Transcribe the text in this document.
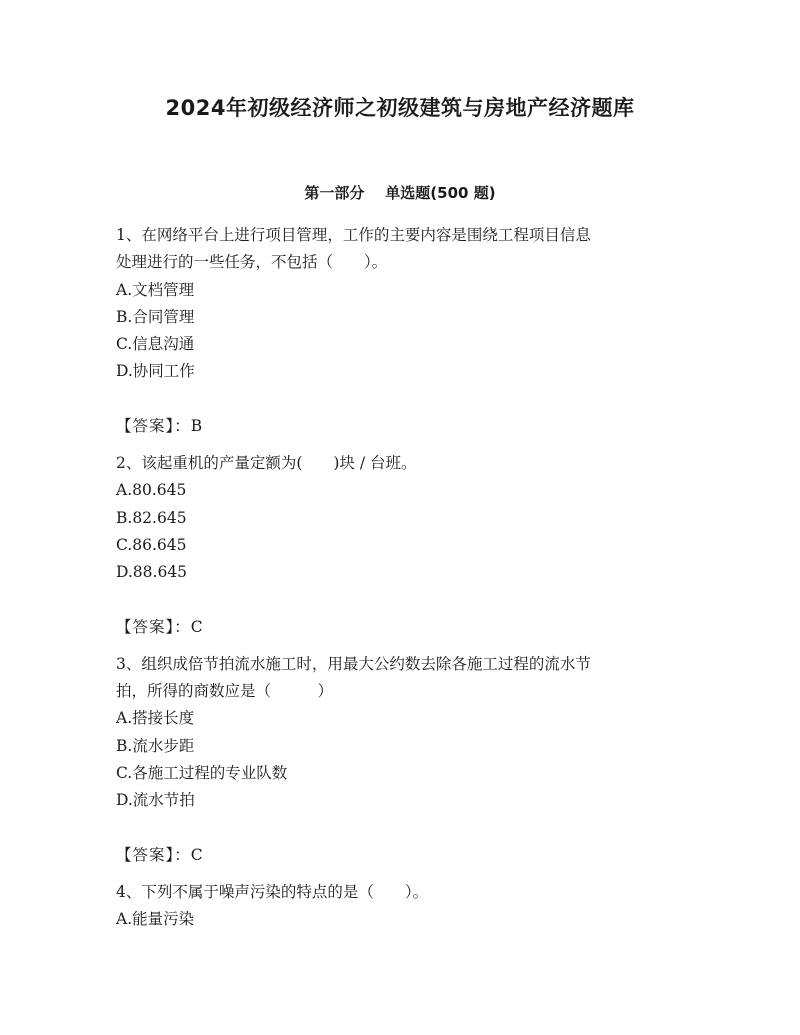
2024年初级经济师之初级建筑与房地产经济题库
第一部分    单选题(500 题)

1、在网络平台上进行项目管理，工作的主要内容是围绕工程项目信息

处理进行的一些任务，不包括（　　）。

A.文档管理

B.合同管理

C.信息沟通

D.协同工作

【答案】：B

2、该起重机的产量定额为(　　)块 / 台班。

A.80.645

B.82.645

C.86.645

D.88.645

【答案】：C

3、组织成倍节拍流水施工时，用最大公约数去除各施工过程的流水节

拍，所得的商数应是（　　　）

A.搭接长度

B.流水步距

C.各施工过程的专业队数

D.流水节拍

【答案】：C

4、下列不属于噪声污染的特点的是（　　）。

A.能量污染
